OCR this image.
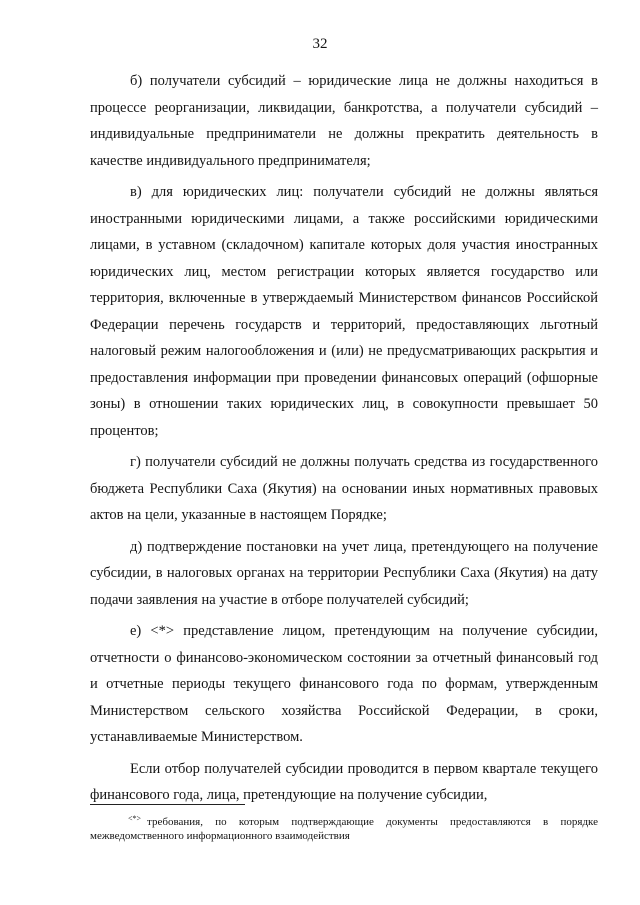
32

б) получатели субсидий – юридические лица не должны находиться в процессе реорганизации, ликвидации, банкротства, а получатели субсидий – индивидуальные предприниматели не должны прекратить деятельность в качестве индивидуального предпринимателя;

в) для юридических лиц: получатели субсидий не должны являться иностранными юридическими лицами, а также российскими юридическими лицами, в уставном (складочном) капитале которых доля участия иностранных юридических лиц, местом регистрации которых является государство или территория, включенные в утверждаемый Министерством финансов Российской Федерации перечень государств и территорий, предоставляющих льготный налоговый режим налогообложения и (или) не предусматривающих раскрытия и предоставления информации при проведении финансовых операций (офшорные зоны) в отношении таких юридических лиц, в совокупности превышает 50 процентов;

г) получатели субсидий не должны получать средства из государственного бюджета Республики Саха (Якутия) на основании иных нормативных правовых актов на цели, указанные в настоящем Порядке;

д) подтверждение постановки на учет лица, претендующего на получение субсидии, в налоговых органах на территории Республики Саха (Якутия) на дату подачи заявления на участие в отборе получателей субсидий;

е) <*> представление лицом, претендующим на получение субсидии, отчетности о финансово-экономическом состоянии за отчетный финансовый год и отчетные периоды текущего финансового года по формам, утвержденным Министерством сельского хозяйства Российской Федерации, в сроки, устанавливаемые Министерством.

Если отбор получателей субсидии проводится в первом квартале текущего финансового года, лица, претендующие на получение субсидии,

<*> требования, по которым подтверждающие документы предоставляются в порядке межведомственного информационного взаимодействия
